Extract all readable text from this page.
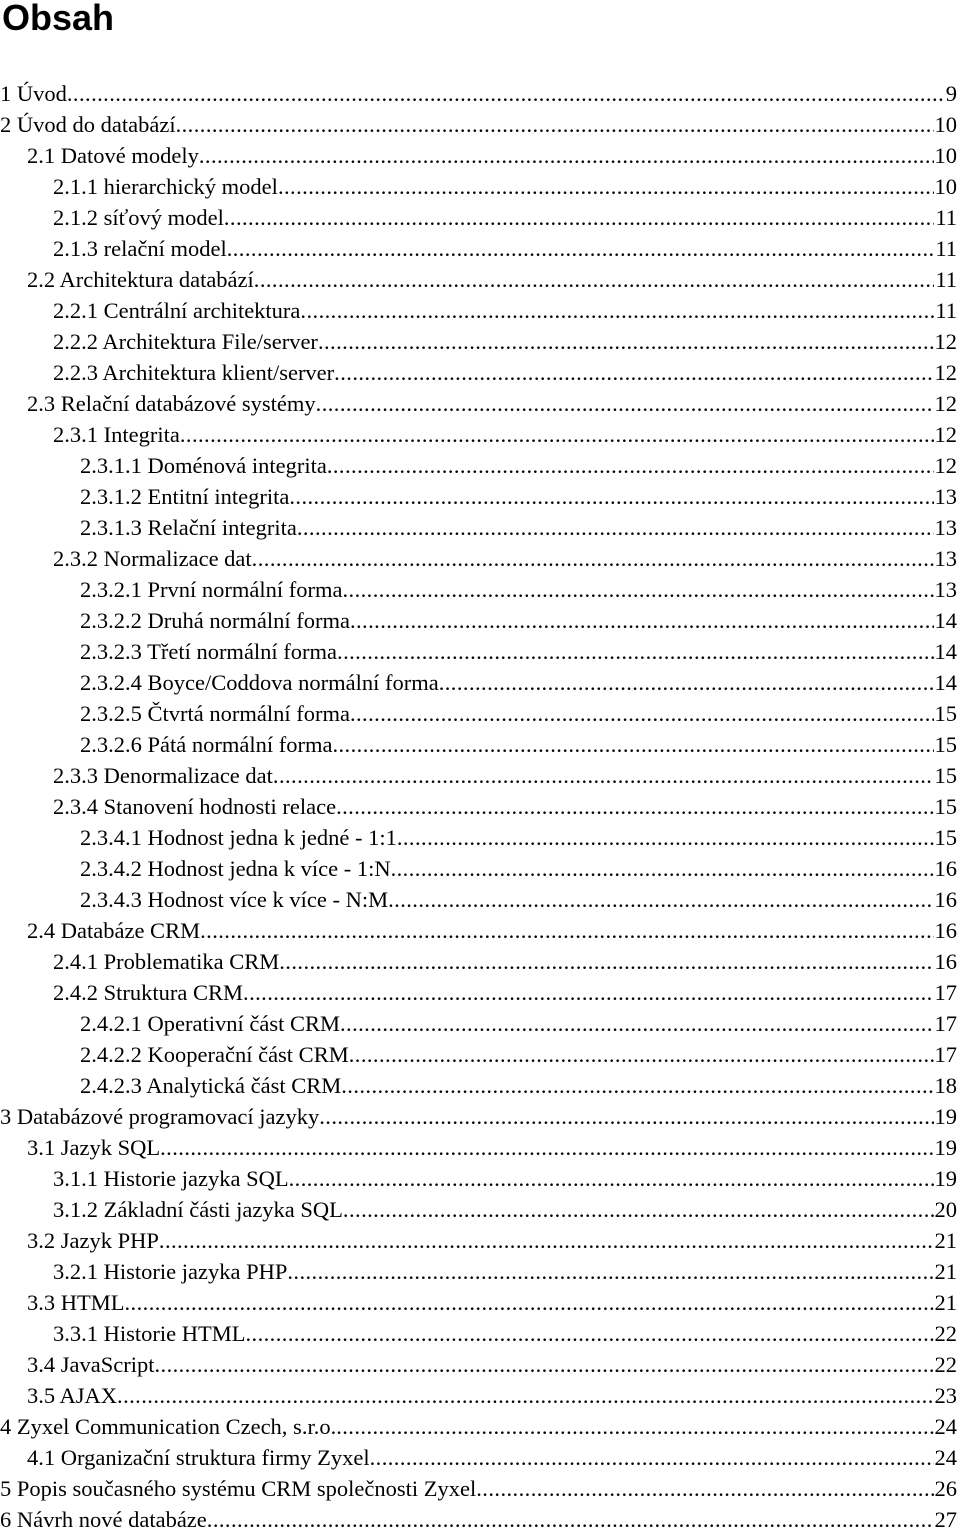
Obsah
1 Úvod . . .	9
2 Úvod do databází . . .	10
2.1 Datové modely . . .	10
2.1.1 hierarchický model . . .	10
2.1.2 síťový model . . .	11
2.1.3 relační model . . .	11
2.2 Architektura databází . . .	11
2.2.1 Centrální architektura . . .	11
2.2.2 Architektura File/server . . .	12
2.2.3 Architektura klient/server . . .	12
2.3 Relační databázové systémy . . .	12
2.3.1 Integrita . . .	12
2.3.1.1 Doménová integrita . . .	12
2.3.1.2 Entitní integrita . . .	13
2.3.1.3 Relační integrita . . .	13
2.3.2 Normalizace dat . . .	13
2.3.2.1 První normální forma . . .	13
2.3.2.2 Druhá normální forma . . .	14
2.3.2.3 Třetí normální forma . . .	14
2.3.2.4 Boyce/Coddova normální forma . . .	14
2.3.2.5 Čtvrtá normální forma . . .	15
2.3.2.6 Pátá normální forma . . .	15
2.3.3 Denormalizace dat . . .	15
2.3.4 Stanovení hodnosti relace . . .	15
2.3.4.1 Hodnost jedna k jedné - 1:1 . . .	15
2.3.4.2 Hodnost jedna k více - 1:N . . .	16
2.3.4.3 Hodnost více k více - N:M . . .	16
2.4 Databáze CRM . . .	16
2.4.1 Problematika CRM . . .	16
2.4.2 Struktura CRM . . .	17
2.4.2.1 Operativní část CRM . . .	17
2.4.2.2 Kooperační část CRM . . .	17
2.4.2.3 Analytická část CRM . . .	18
3 Databázové programovací jazyky . . .	19
3.1 Jazyk SQL . . .	19
3.1.1 Historie jazyka SQL . . .	19
3.1.2 Základní části jazyka SQL . . .	20
3.2 Jazyk PHP . . .	21
3.2.1 Historie jazyka PHP . . .	21
3.3 HTML . . .	21
3.3.1 Historie HTML . . .	22
3.4 JavaScript . . .	22
3.5 AJAX . . .	23
4 Zyxel Communication Czech, s.r.o. . . .	24
4.1 Organizační struktura firmy Zyxel . . .	24
5 Popis současného systému CRM společnosti Zyxel . . .	26
6 Návrh nové databáze . . .	27
